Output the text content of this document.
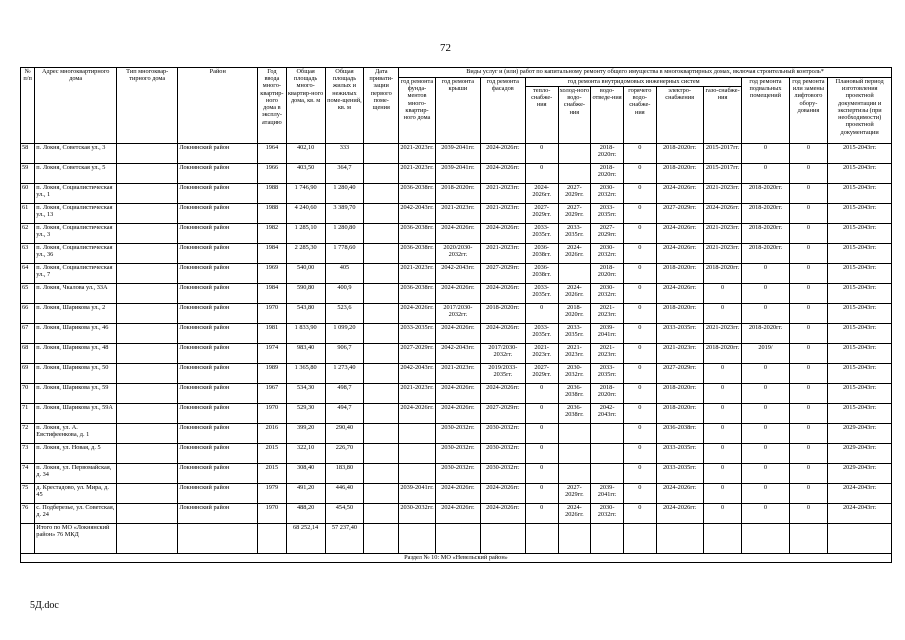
72
№ п/п	Адрес многоквартирного дома	Тип многоквар-тирного дома	Район	Год ввода много-квартир-ного дома в эксплу-атацию	Общая площадь много-квартир-ного дома, кв. м	Общая площадь жилых и нежилых поме-щений, кв. м	Дата привати-зации первого поме-щения	Виды услуг и (или) работ по капитальному ремонту общего имущества в многоквартирных домах, включая строительный контроль*											
								год ремонта фунда-ментов много-квартир-ного дома	год ремонта крыши	год ремонта фасадов	год ремонта внутридомовых инженерных систем						год ремонта подвальных помещений	год ремонта или замены лифтового обору-дования	Плановый период изготовления проектной документации и экспертизы (при необходимости) проектной документации
											тепло-снабже-ния	холод-ного водо-снабже-ния	водо-отведе-ния	горячего водо-снабже-ния	электро-снабжения	газо-снабже-ния			
58	п. Локня, Советская ул., 3		Локнянский район	1964	402,10	333		2021-2023гг.	2039-2041гг.	2024-2026гг.	0		2018-2020гг.	0	2018-2020гг.	2015-2017гг.	0	0	2015-2043гг.
59	п. Локня, Советская ул., 5		Локнянский район	1966	403,50	364,7		2021-2023гг.	2039-2041гг.	2024-2026гг.	0		2018-2020гг.	0	2018-2020гг.	2015-2017гг.	0	0	2015-2043гг.
60	п. Локня, Социалистическая ул., 1		Локнянский район	1988	1 746,90	1 280,40		2036-2038гг.	2018-2020гг.	2021-2023гг.	2024-2026гг.	2027-2029гг.	2030-2032гг.	0	2024-2026гг.	2021-2023гг.	2018-2020гг.	0	2015-2043гг.
61	п. Локня, Социалистическая ул., 13		Локнянский район	1988	4 240,60	3 389,70		2042-2043гг.	2021-2023гг.	2021-2023гг.	2027-2029гг.	2027-2029гг.	2033-2035гг.	0	2027-2029гг.	2024-2026гг.	2018-2020гг.	0	2015-2043гг.
62	п. Локня, Социалистическая ул., 3		Локнянский район	1982	1 285,10	1 280,80		2036-2038гг.	2024-2026гг.	2024-2026гг.	2033-2035гг.	2033-2035гг.	2027-2029гг.	0	2024-2026гг.	2021-2023гг.	2018-2020гг.	0	2015-2043гг.
63	п. Локня, Социалистическая ул., 36		Локнянский район	1984	2 285,30	1 778,60		2036-2038гг.	2020/2030-2032гг.	2021-2023гг.	2036-2038гг.	2024-2026гг.	2030-2032гг.	0	2024-2026гг.	2021-2023гг.	2018-2020гг.	0	2015-2043гг.
64	п. Локня, Социалистическая ул., 7		Локнянский район	1969	540,00	405		2021-2023гг.	2042-2043гг.	2027-2029гг.	2036-2038гг.		2018-2020гг.	0	2018-2020гг.	2018-2020гг.	0	0	2015-2043гг.
65	п. Локня, Чкалова ул., 33А		Локнянский район	1984	590,80	400,9		2036-2038гг.	2024-2026гг.	2024-2026гг.	2033-2035гг.	2024-2026гг.	2030-2032гг.	0	2024-2026гг.	0	0	0	2015-2043гг.
66	п. Локня, Шарикова ул., 2		Локнянский район	1970	543,80	523,6		2024-2026гг.	2017/2030-2032гг.	2018-2020гг.	0	2018-2020гг.	2021-2023гг.	0	2018-2020гг.	0	0	0	2015-2043гг.
67	п. Локня, Шарикова ул., 46		Локнянский район	1981	1 833,90	1 099,20		2033-2035гг.	2024-2026гг.	2024-2026гг.	2033-2035гг.	2033-2035гг.	2039-2041гг.	0	2033-2035гг.	2021-2023гг.	2018-2020гг.	0	2015-2043гг.
68	п. Локня, Шарикова ул., 48		Локнянский район	1974	983,40	906,7		2027-2029гг.	2042-2043гг.	2017/2030-2032гг.	2021-2023гг.	2021-2023гг.	2021-2023гг.	0	2021-2023гг.	2018-2020гг.	2019/	0	2015-2043гг.
69	п. Локня, Шарикова ул., 50		Локнянский район	1989	1 365,80	1 273,40		2042-2043гг.	2021-2023гг.	2019/2033-2035гг.	2027-2029гг.	2030-2032гг.	2033-2035гг.	0	2027-2029гг.	0	0	0	2015-2043гг.
70	п. Локня, Шарикова ул., 59		Локнянский район	1967	534,30	498,7		2021-2023гг.	2024-2026гг.	2024-2026гг.	0	2036-2038гг.	2018-2020гг.	0	2018-2020гг.	0	0	0	2015-2043гг.
71	п. Локня, Шарикова ул., 59А		Локнянский район	1970	529,30	494,7		2024-2026гг.	2024-2026гг.	2027-2029гг.	0	2036-2038гг.	2042-2043гг.	0	2018-2020гг.	0	0	0	2015-2043гг.
72	п. Локня, ул. А. Евстифеенкова, д. 1		Локнянский район	2016	399,20	290,40			2030-2032гг.	2030-2032гг.	0			0	2036-2038гг.	0	0	0	2029-2043гг.
73	п. Локня, ул. Новая, д. 5		Локнянский район	2015	322,10	226,70			2030-2032гг.	2030-2032гг.	0			0	2033-2035гг.	0	0	0	2029-2043гг.
74	п. Локня, ул. Первомайская, д. 34		Локнянский район	2015	308,40	183,80			2030-2032гг.	2030-2032гг.	0			0	2033-2035гг.	0	0	0	2029-2043гг.
75	д. Крестадово, ул. Мира, д. 45		Локнянский район	1979	491,20	446,40		2039-2041гг.	2024-2026гг.	2024-2026гг.	0	2027-2029гг.	2039-2041гг.	0	2024-2026гг.	0	0	0	2024-2043гг.
76	с. Подберезье, ул. Советская, д. 24		Локнянский район	1970	488,20	454,50		2030-2032гг.	2024-2026гг.	2024-2026гг.	0	2024-2026гг.	2030-2032гг.	0	2024-2026гг.	0	0	0	2024-2043гг.
	Итого по МО «Локнянский район» 76 МКД				68 252,14	57 237,40													
Раздел № 10: МО «Невельский район»																			
5Д.doc
